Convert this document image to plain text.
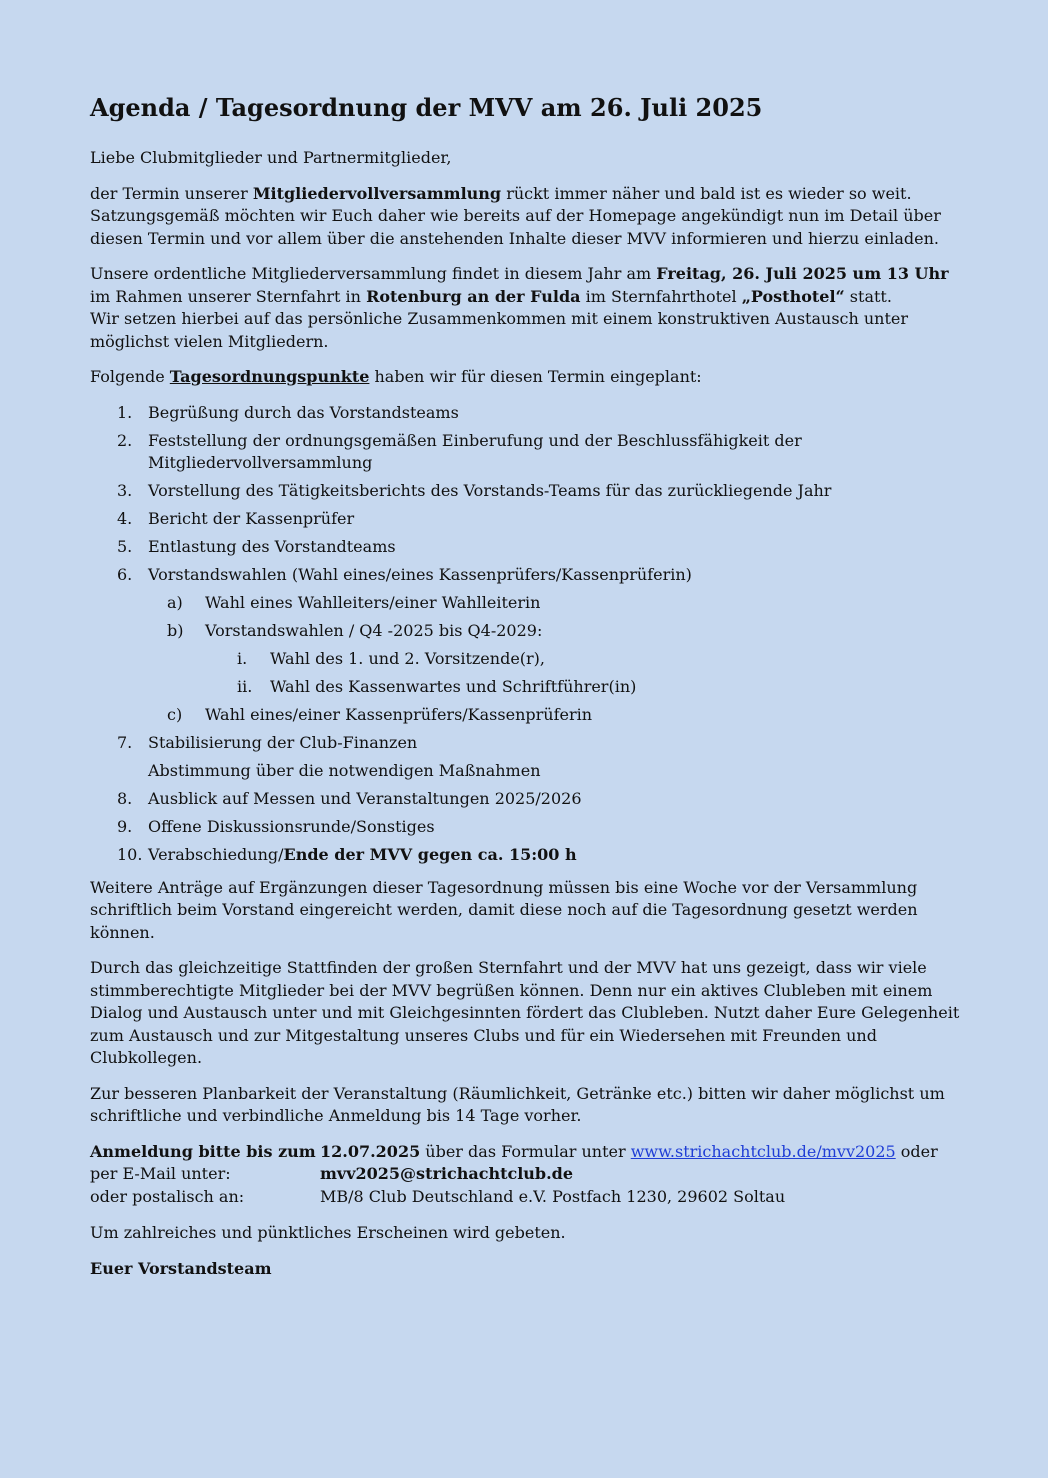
Agenda / Tagesordnung der MVV am 26. Juli 2025

Liebe Clubmitglieder und Partnermitglieder,

der Termin unserer Mitgliedervollversammlung rückt immer näher und bald ist es wieder so weit. Satzungsgemäß möchten wir Euch daher wie bereits auf der Homepage angekündigt nun im Detail über diesen Termin und vor allem über die anstehenden Inhalte dieser MVV informieren und hierzu einladen.

Unsere ordentliche Mitgliederversammlung findet in diesem Jahr am Freitag, 26. Juli 2025 um 13 Uhr im Rahmen unserer Sternfahrt in Rotenburg an der Fulda im Sternfahrthotel „Posthotel“ statt.
Wir setzen hierbei auf das persönliche Zusammenkommen mit einem konstruktiven Austausch unter möglichst vielen Mitgliedern.

Folgende Tagesordnungspunkte haben wir für diesen Termin eingeplant:

1. Begrüßung durch das Vorstandsteams
2. Feststellung der ordnungsgemäßen Einberufung und der Beschlussfähigkeit der Mitgliedervollversammlung
3. Vorstellung des Tätigkeitsberichts des Vorstands-Teams für das zurückliegende Jahr
4. Bericht der Kassenprüfer
5. Entlastung des Vorstandteams
6. Vorstandswahlen (Wahl eines/eines Kassenprüfers/Kassenprüferin)
a) Wahl eines Wahlleiters/einer Wahlleiterin
b) Vorstandswahlen / Q4 -2025 bis Q4-2029:
i. Wahl des 1. und 2. Vorsitzende(r),
ii. Wahl des Kassenwartes und Schriftführer(in)
c) Wahl eines/einer Kassenprüfers/Kassenprüferin
7. Stabilisierung der Club-Finanzen
Abstimmung über die notwendigen Maßnahmen
8. Ausblick auf Messen und Veranstaltungen 2025/2026
9. Offene Diskussionsrunde/Sonstiges
10. Verabschiedung/Ende der MVV gegen ca. 15:00 h

Weitere Anträge auf Ergänzungen dieser Tagesordnung müssen bis eine Woche vor der Versammlung schriftlich beim Vorstand eingereicht werden, damit diese noch auf die Tagesordnung gesetzt werden können.

Durch das gleichzeitige Stattfinden der großen Sternfahrt und der MVV hat uns gezeigt, dass wir viele stimmberechtigte Mitglieder bei der MVV begrüßen können. Denn nur ein aktives Clubleben mit einem Dialog und Austausch unter und mit Gleichgesinnten fördert das Clubleben. Nutzt daher Eure Gelegenheit zum Austausch und zur Mitgestaltung unseres Clubs und für ein Wiedersehen mit Freunden und Clubkollegen.

Zur besseren Planbarkeit der Veranstaltung (Räumlichkeit, Getränke etc.) bitten wir daher möglichst um schriftliche und verbindliche Anmeldung bis 14 Tage vorher.

Anmeldung bitte bis zum 12.07.2025 über das Formular unter www.strichachtclub.de/mvv2025 oder
per E-Mail unter:	mvv2025@strichachtclub.de
oder postalisch an:	MB/8 Club Deutschland e.V. Postfach 1230, 29602 Soltau

Um zahlreiches und pünktliches Erscheinen wird gebeten.

Euer Vorstandsteam
